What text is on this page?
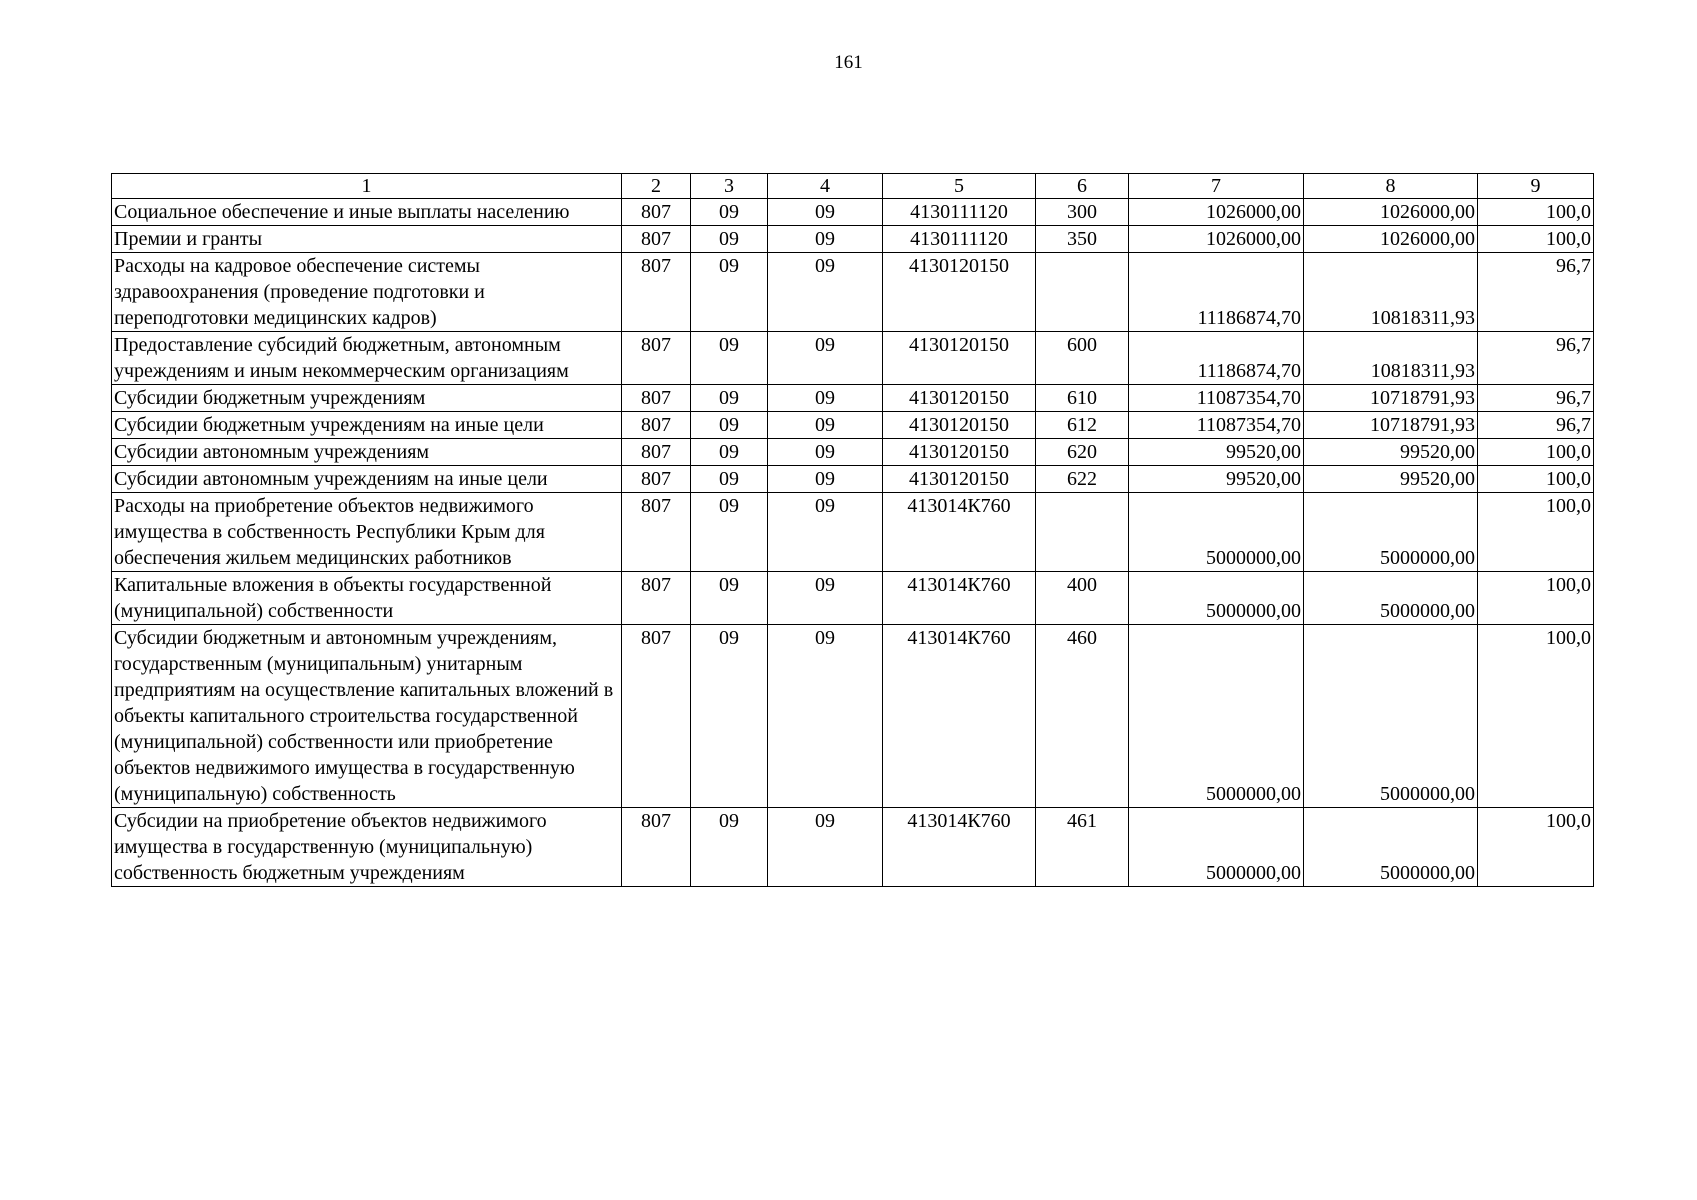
161
1	2	3	4	5	6	7	8	9
Социальное обеспечение и иные выплаты населению	807	09	09	4130111120	300	1026000,00	1026000,00	100,0
Премии и гранты	807	09	09	4130111120	350	1026000,00	1026000,00	100,0
Расходы на кадровое обеспечение системы здравоохранения (проведение подготовки и переподготовки медицинских кадров)	807	09	09	4130120150		11186874,70	10818311,93	96,7
Предоставление субсидий бюджетным, автономным учреждениям и иным некоммерческим организациям	807	09	09	4130120150	600	11186874,70	10818311,93	96,7
Субсидии бюджетным учреждениям	807	09	09	4130120150	610	11087354,70	10718791,93	96,7
Субсидии бюджетным учреждениям на иные цели	807	09	09	4130120150	612	11087354,70	10718791,93	96,7
Субсидии автономным учреждениям	807	09	09	4130120150	620	99520,00	99520,00	100,0
Субсидии автономным учреждениям на иные цели	807	09	09	4130120150	622	99520,00	99520,00	100,0
Расходы на приобретение объектов недвижимого имущества в собственность Республики Крым для обеспечения жильем медицинских работников	807	09	09	413014К760		5000000,00	5000000,00	100,0
Капитальные вложения в объекты государственной (муниципальной) собственности	807	09	09	413014К760	400	5000000,00	5000000,00	100,0
Субсидии бюджетным и автономным учреждениям, государственным (муниципальным) унитарным предприятиям на осуществление капитальных вложений в объекты капитального строительства государственной (муниципальной) собственности или приобретение объектов недвижимого имущества в государственную (муниципальную) собственность	807	09	09	413014К760	460	5000000,00	5000000,00	100,0
Субсидии на приобретение объектов недвижимого имущества в государственную (муниципальную) собственность бюджетным учреждениям	807	09	09	413014К760	461	5000000,00	5000000,00	100,0
